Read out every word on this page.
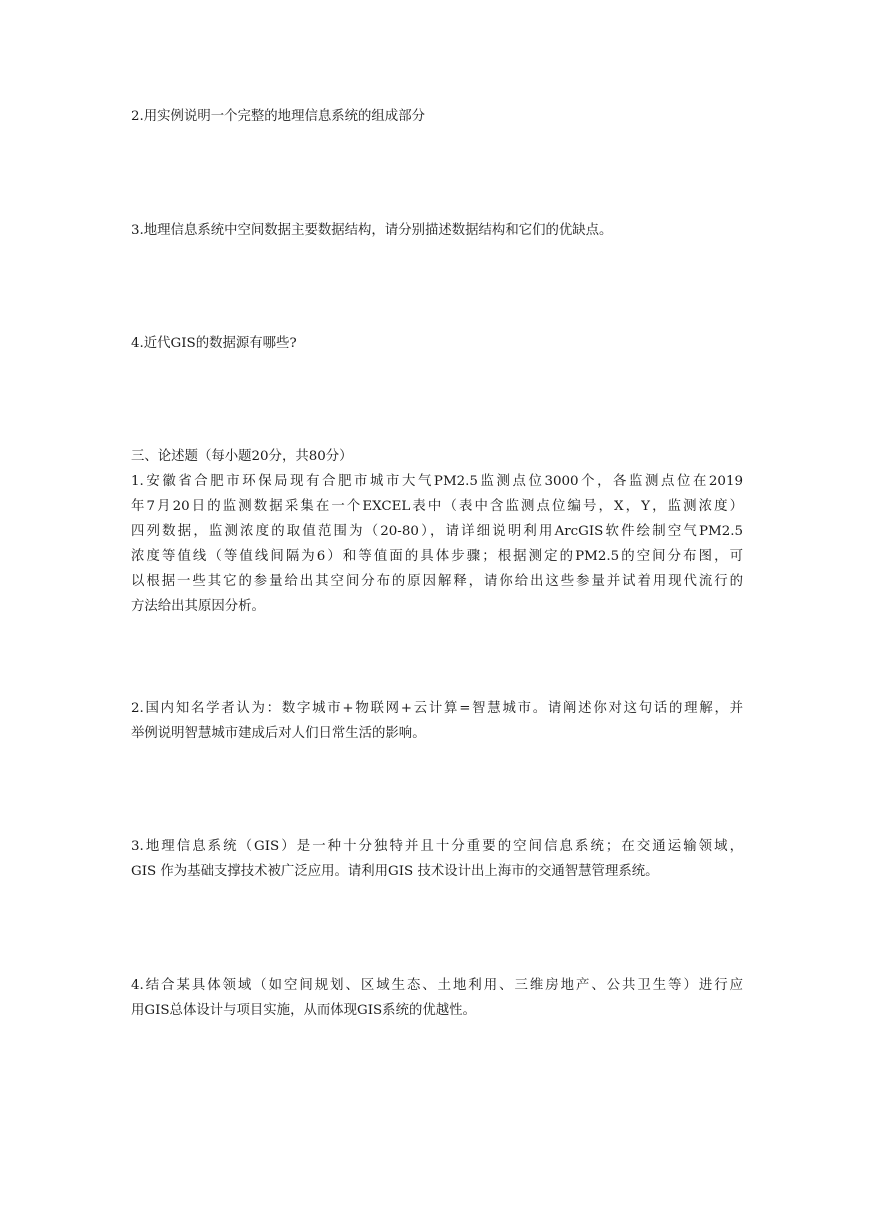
2.用实例说明一个完整的地理信息系统的组成部分

3.地理信息系统中空间数据主要数据结构，请分别描述数据结构和它们的优缺点。

4.近代GIS的数据源有哪些?

三、论述题（每小题20分，共80分）

1.安徽省合肥市环保局现有合肥市城市大气PM2.5监测点位3000个，各监测点位在2019
年7月20日的监测数据采集在一个EXCEL表中（表中含监测点位编号，X，Y，监测浓度）
四列数据，监测浓度的取值范围为（20-80），请详细说明利用ArcGIS软件绘制空气PM2.5
浓度等值线（等值线间隔为6）和等值面的具体步骤；根据测定的PM2.5的空间分布图，可
以根据一些其它的参量给出其空间分布的原因解释，请你给出这些参量并试着用现代流行的
方法给出其原因分析。

2.国内知名学者认为：数字城市+物联网+云计算=智慧城市。请阐述你对这句话的理解，并
举例说明智慧城市建成后对人们日常生活的影响。

3.地理信息系统（GIS）是一种十分独特并且十分重要的空间信息系统；在交通运输领域，
GIS 作为基础支撑技术被广泛应用。请利用GIS 技术设计出上海市的交通智慧管理系统。

4.结合某具体领域（如空间规划、区域生态、土地利用、三维房地产、公共卫生等）进行应
用GIS总体设计与项目实施，从而体现GIS系统的优越性。
